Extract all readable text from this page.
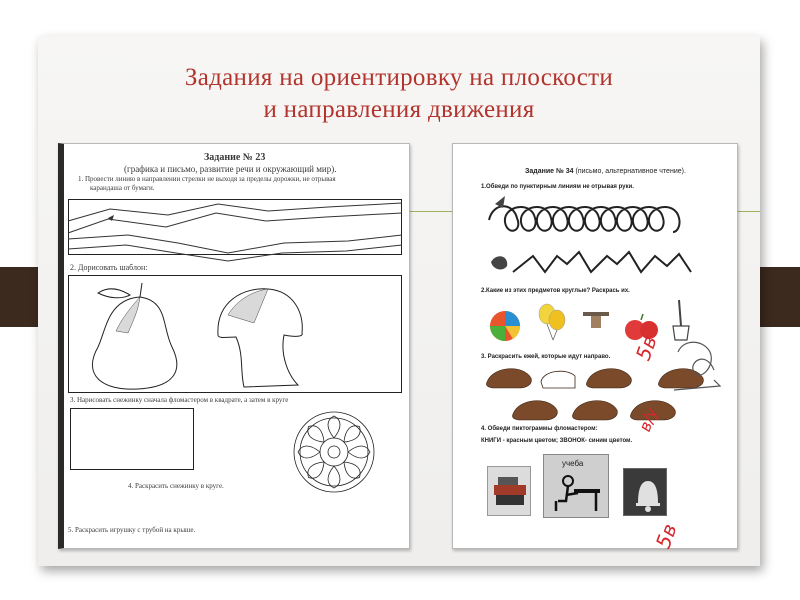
Задания на ориентировку на плоскости
и направления движения
Задание № 23
(графика и письмо, развитие речи и окружающий мир).
1. Провести линию в направлении стрелки не выходя за пределы дорожки, не отрывая
карандаша от бумаги.
2. Дорисовать шаблон:
3. Нарисовать снежинку сначала фломастером в квадрате, а затем в круге
4. Раскрасить снежинку в круге.
5. Раскрасить игрушку с трубой на крыше.
Задание № 34 (письмо, альтернативное чтение).
1.Обведи по пунктирным линиям не отрывая руки.
2.Какие из этих предметов круглые? Раскрась их.
3. Раскрасить ежей, которые идут направо.
4. Обведи пиктограммы фломастером:
КНИГИ - красным цветом; ЗВОНОК- синим цветом.
учеба
5в
в/у
5в
